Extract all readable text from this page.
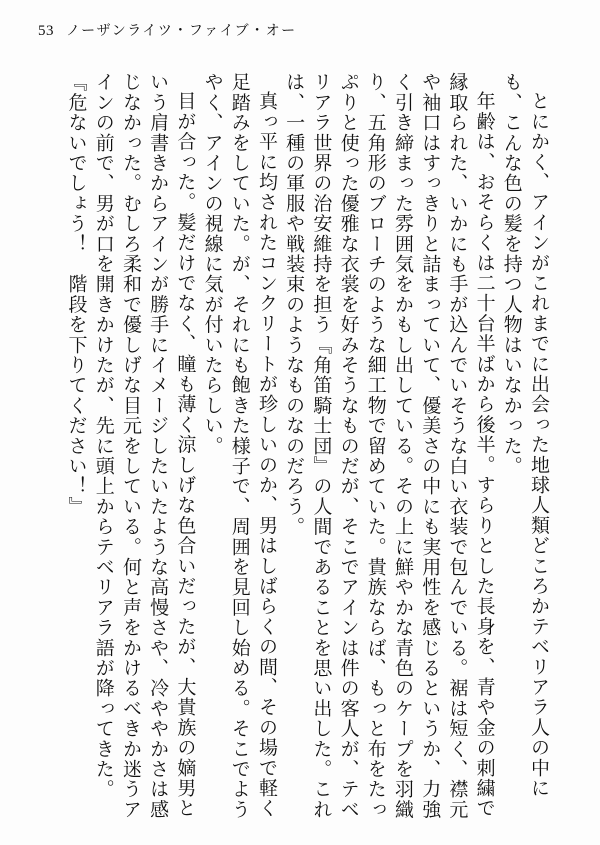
53 ノーザンライツ・ファイブ・オー

とにかく、アインがこれまでに出会った地球人類どころかテベリアラ人の中にも、こんな色の髪を持つ人物はいなかった。

年齢は、おそらくは二十台半ばから後半。すらりとした長身を、青や金の刺繍で縁取られた、いかにも手が込んでいそうな白い衣装で包んでいる。裾は短く、襟元や袖口はすっきりと詰まっていて、優美さの中にも実用性を感じるというか、力強く引き締まった雰囲気をかもし出している。その上に鮮やかな青色のケープを羽織り、五角形のブローチのような細工物で留めていた。貴族ならば、もっと布をたっぷりと使った優雅な衣裳を好みそうなものだが、そこでアインは件の客人が、テベリアラ世界の治安維持を担う『角笛騎士団』の人間であることを思い出した。これは、一種の軍服や戦装束のようなものなのだろう。

真っ平に均されたコンクリートが珍しいのか、男はしばらくの間、その場で軽く足踏みをしていた。が、それにも飽きた様子で、周囲を見回し始める。そこでようやく、アインの視線に気が付いたらしい。

目が合った。髪だけでなく、瞳も薄く涼しげな色合いだったが、大貴族の嫡男という肩書きからアインが勝手にイメージしたいたような高慢さや、冷ややかさは感じなかった。むしろ柔和で優しげな目元をしている。何と声をかけるべきか迷うアインの前で、男が口を開きかけたが、先に頭上からテベリアラ語が降ってきた。

『危ないでしょう！　階段を下りてください！』
